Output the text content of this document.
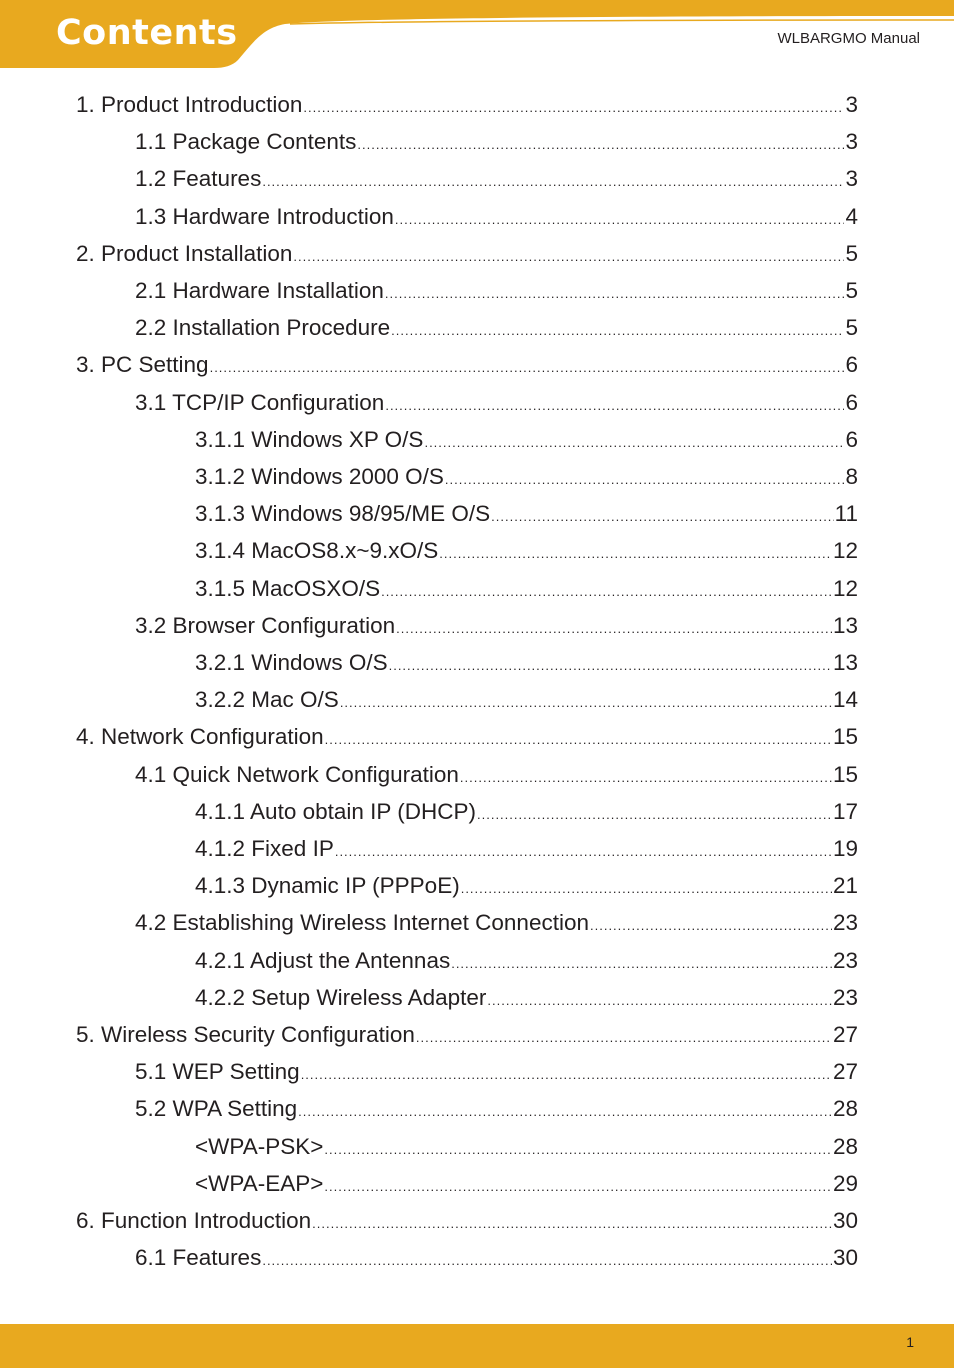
Contents	WLBARGMO Manual
1. Product Introduction .....	3
1.1 Package Contents .....	3
1.2 Features .....	3
1.3 Hardware Introduction .....	4
2. Product Installation .....	5
2.1 Hardware Installation .....	5
2.2 Installation Procedure .....	5
3. PC Setting .....	6
3.1 TCP/IP Configuration .....	6
3.1.1 Windows XP O/S .....	6
3.1.2 Windows 2000 O/S .....	8
3.1.3 Windows 98/95/ME O/S .....	11
3.1.4 MacOS8.x~9.xO/S .....	12
3.1.5 MacOSXO/S .....	12
3.2 Browser Configuration .....	13
3.2.1 Windows O/S .....	13
3.2.2 Mac O/S .....	14
4. Network Configuration .....	15
4.1 Quick Network Configuration .....	15
4.1.1 Auto obtain IP (DHCP) .....	17
4.1.2 Fixed IP .....	19
4.1.3 Dynamic IP (PPPoE) .....	21
4.2 Establishing Wireless Internet Connection .....	23
4.2.1 Adjust the Antennas .....	23
4.2.2 Setup Wireless Adapter .....	23
5. Wireless Security Configuration .....	27
5.1 WEP Setting .....	27
5.2 WPA Setting .....	28
<WPA-PSK> .....	28
<WPA-EAP> .....	29
6. Function Introduction .....	30
6.1 Features .....	30
1
